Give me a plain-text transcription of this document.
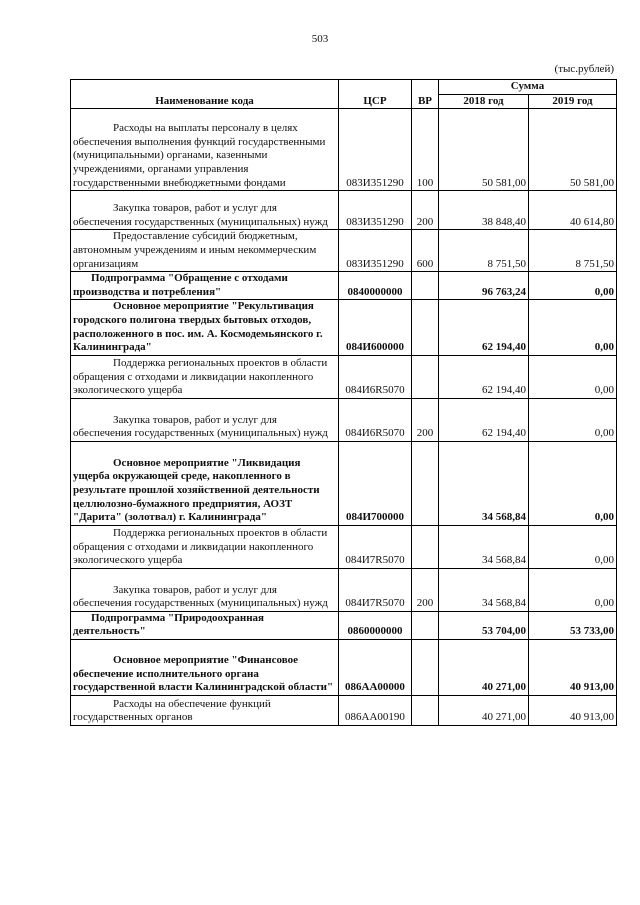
503
(тыс.рублей)
Наименование кода	ЦСР	ВР	Сумма	
			2018 год	2019 год
Расходы на выплаты персоналу в целях обеспечения выполнения функций государственными (муниципальными) органами, казенными учреждениями, органами управления государственными внебюджетными фондами	083И351290	100	50 581,00	50 581,00
Закупка товаров, работ и услуг для обеспечения государственных (муниципальных) нужд	083И351290	200	38 848,40	40 614,80
Предоставление субсидий бюджетным, автономным учреждениям и иным некоммерческим организациям	083И351290	600	8 751,50	8 751,50
Подпрограмма "Обращение с отходами производства и потребления"	0840000000		96 763,24	0,00
Основное мероприятие "Рекультивация городского полигона твердых бытовых отходов, расположенного в пос. им. А. Космодемьянского г. Калининграда"	084И600000		62 194,40	0,00
Поддержка региональных проектов в области обращения с отходами и ликвидации накопленного экологического ущерба	084И6R5070		62 194,40	0,00
Закупка товаров, работ и услуг для обеспечения государственных (муниципальных) нужд	084И6R5070	200	62 194,40	0,00
Основное мероприятие "Ликвидация ущерба окружающей среде, накопленного в результате прошлой хозяйственной деятельности целлюлозно-бумажного предприятия, АОЗТ "Дарита" (золотвал) г. Калининграда"	084И700000		34 568,84	0,00
Поддержка региональных проектов в области обращения с отходами и ликвидации накопленного экологического ущерба	084И7R5070		34 568,84	0,00
Закупка товаров, работ и услуг для обеспечения государственных (муниципальных) нужд	084И7R5070	200	34 568,84	0,00
Подпрограмма "Природоохранная деятельность"	0860000000		53 704,00	53 733,00
Основное мероприятие "Финансовое обеспечение исполнительного органа государственной власти Калининградской области"	086АА00000		40 271,00	40 913,00
Расходы на обеспечение функций государственных органов	086АА00190		40 271,00	40 913,00
